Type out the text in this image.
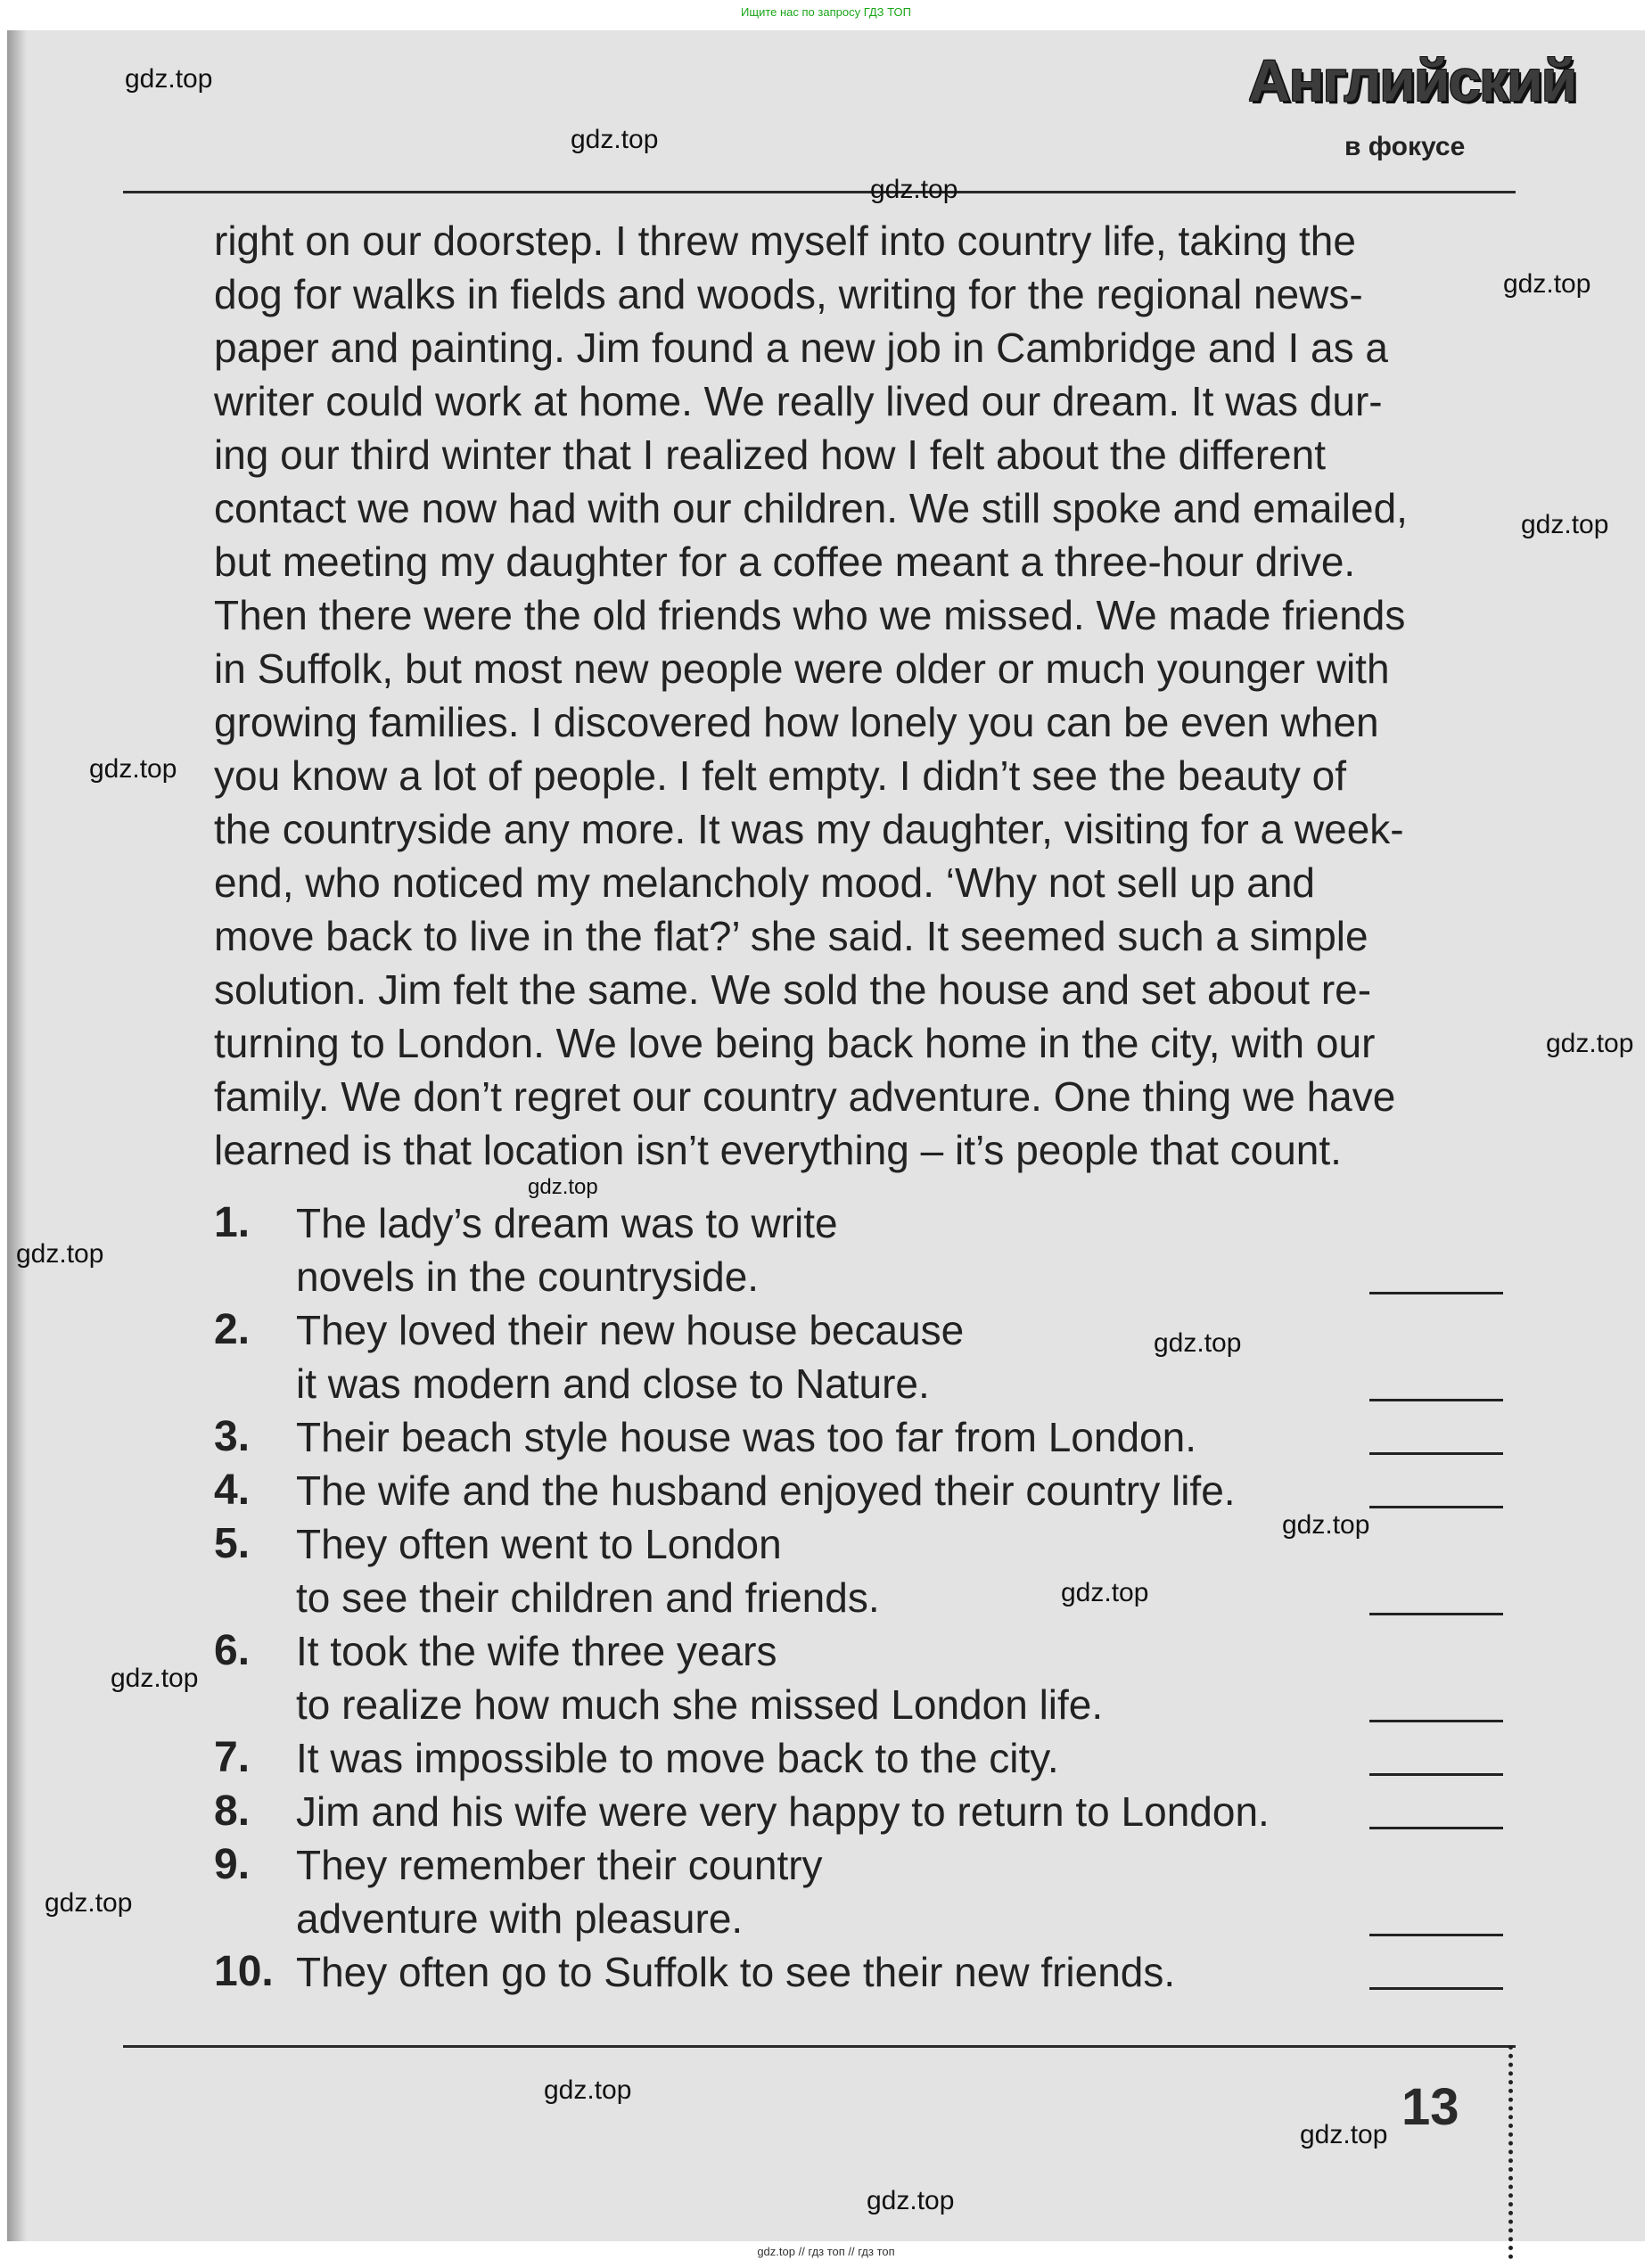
Ищите нас по запросу ГДЗ ТОП
Английский
в фокусе

right on our doorstep. I threw myself into country life, taking the
dog for walks in fields and woods, writing for the regional news-
paper and painting. Jim found a new job in Cambridge and I as a
writer could work at home. We really lived our dream. It was dur-
ing our third winter that I realized how I felt about the different
contact we now had with our children. We still spoke and emailed,
but meeting my daughter for a coffee meant a three-hour drive.
Then there were the old friends who we missed. We made friends
in Suffolk, but most new people were older or much younger with
growing families. I discovered how lonely you can be even when
you know a lot of people. I felt empty. I didn’t see the beauty of
the countryside any more. It was my daughter, visiting for a week-
end, who noticed my melancholy mood. ‘Why not sell up and
move back to live in the flat?’ she said. It seemed such a simple
solution. Jim felt the same. We sold the house and set about re-
turning to London. We love being back home in the city, with our
family. We don’t regret our country adventure. One thing we have
learned is that location isn’t everything – it’s people that count.

1. The lady’s dream was to write
novels in the countryside.
2. They loved their new house because
it was modern and close to Nature.
3. Their beach style house was too far from London.
4. The wife and the husband enjoyed their country life.
5. They often went to London
to see their children and friends.
6. It took the wife three years
to realize how much she missed London life.
7. It was impossible to move back to the city.
8. Jim and his wife were very happy to return to London.
9. They remember their country
adventure with pleasure.
10. They often go to Suffolk to see their new friends.
13
gdz.top
gdz.top
gdz.top
gdz.top
gdz.top
gdz.top
gdz.top
gdz.top
gdz.top
gdz.top
gdz.top
gdz.top
gdz.top
gdz.top
gdz.top
gdz.top
gdz.top
gdz.top // гдз топ // гдз топ
